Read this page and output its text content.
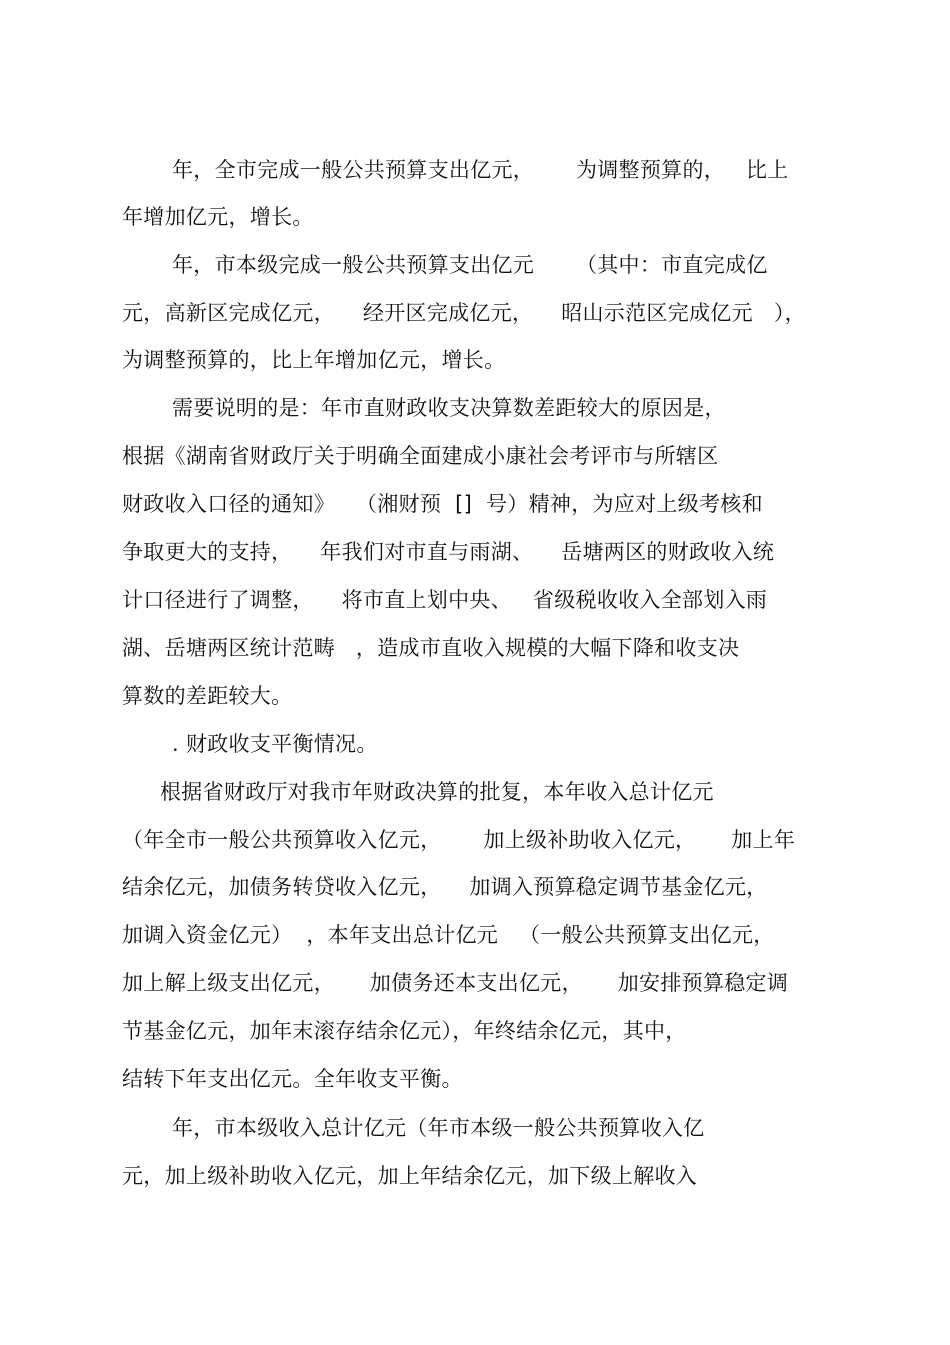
年，全市完成一般公共预算支出亿元，      为调整预算的，   比上
年增加亿元，增长。
年，市本级完成一般公共预算支出亿元      （其中：市直完成亿
元，高新区完成亿元，    经开区完成亿元，    昭山示范区完成亿元   ），
为调整预算的，比上年增加亿元，增长。
需要说明的是：年市直财政收支决算数差距较大的原因是，
根据《湖南省财政厅关于明确全面建成小康社会考评市与所辖区
财政收入口径的通知》   （湘财预  []  号）精神，为应对上级考核和
争取更大的支持，    年我们对市直与雨湖、    岳塘两区的财政收入统
计口径进行了调整，    将市直上划中央、   省级税收收入全部划入雨
湖、岳塘两区统计范畴   ，造成市直收入规模的大幅下降和收支决
算数的差距较大。
. 财政收支平衡情况。
根据省财政厅对我市年财政决算的批复，本年收入总计亿元
（年全市一般公共预算收入亿元，      加上级补助收入亿元，     加上年
结余亿元，加债务转贷收入亿元，    加调入预算稳定调节基金亿元，
加调入资金亿元）  ，本年支出总计亿元   （一般公共预算支出亿元，
加上解上级支出亿元，     加债务还本支出亿元，     加安排预算稳定调
节基金亿元，加年末滚存结余亿元），年终结余亿元，其中，
结转下年支出亿元。全年收支平衡。
年，市本级收入总计亿元（年市本级一般公共预算收入亿
元，加上级补助收入亿元，加上年结余亿元，加下级上解收入
